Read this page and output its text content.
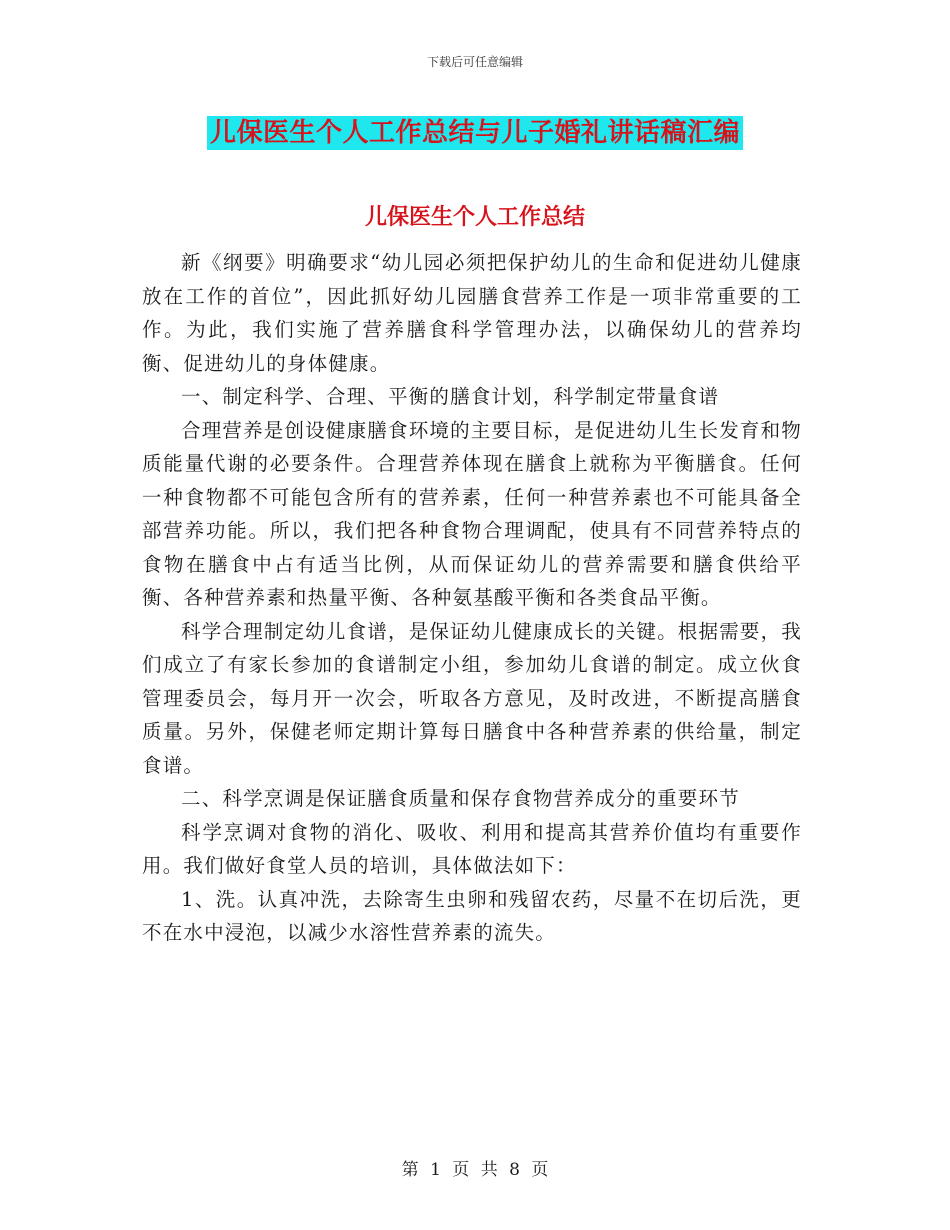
下载后可任意编辑
儿保医生个人工作总结与儿子婚礼讲话稿汇编
儿保医生个人工作总结

新《纲要》明确要求“幼儿园必须把保护幼儿的生命和促进幼儿健康放在工作的首位”，因此抓好幼儿园膳食营养工作是一项非常重要的工作。为此，我们实施了营养膳食科学管理办法，以确保幼儿的营养均衡、促进幼儿的身体健康。

一、制定科学、合理、平衡的膳食计划，科学制定带量食谱

合理营养是创设健康膳食环境的主要目标，是促进幼儿生长发育和物质能量代谢的必要条件。合理营养体现在膳食上就称为平衡膳食。任何一种食物都不可能包含所有的营养素，任何一种营养素也不可能具备全部营养功能。所以，我们把各种食物合理调配，使具有不同营养特点的食物在膳食中占有适当比例，从而保证幼儿的营养需要和膳食供给平衡、各种营养素和热量平衡、各种氨基酸平衡和各类食品平衡。

科学合理制定幼儿食谱，是保证幼儿健康成长的关键。根据需要，我们成立了有家长参加的食谱制定小组，参加幼儿食谱的制定。成立伙食管理委员会，每月开一次会，听取各方意见，及时改进，不断提高膳食质量。另外，保健老师定期计算每日膳食中各种营养素的供给量，制定食谱。

二、科学烹调是保证膳食质量和保存食物营养成分的重要环节

科学烹调对食物的消化、吸收、利用和提高其营养价值均有重要作用。我们做好食堂人员的培训，具体做法如下：

1、洗。认真冲洗，去除寄生虫卵和残留农药，尽量不在切后洗，更不在水中浸泡，以减少水溶性营养素的流失。

第 1 页 共 8 页
